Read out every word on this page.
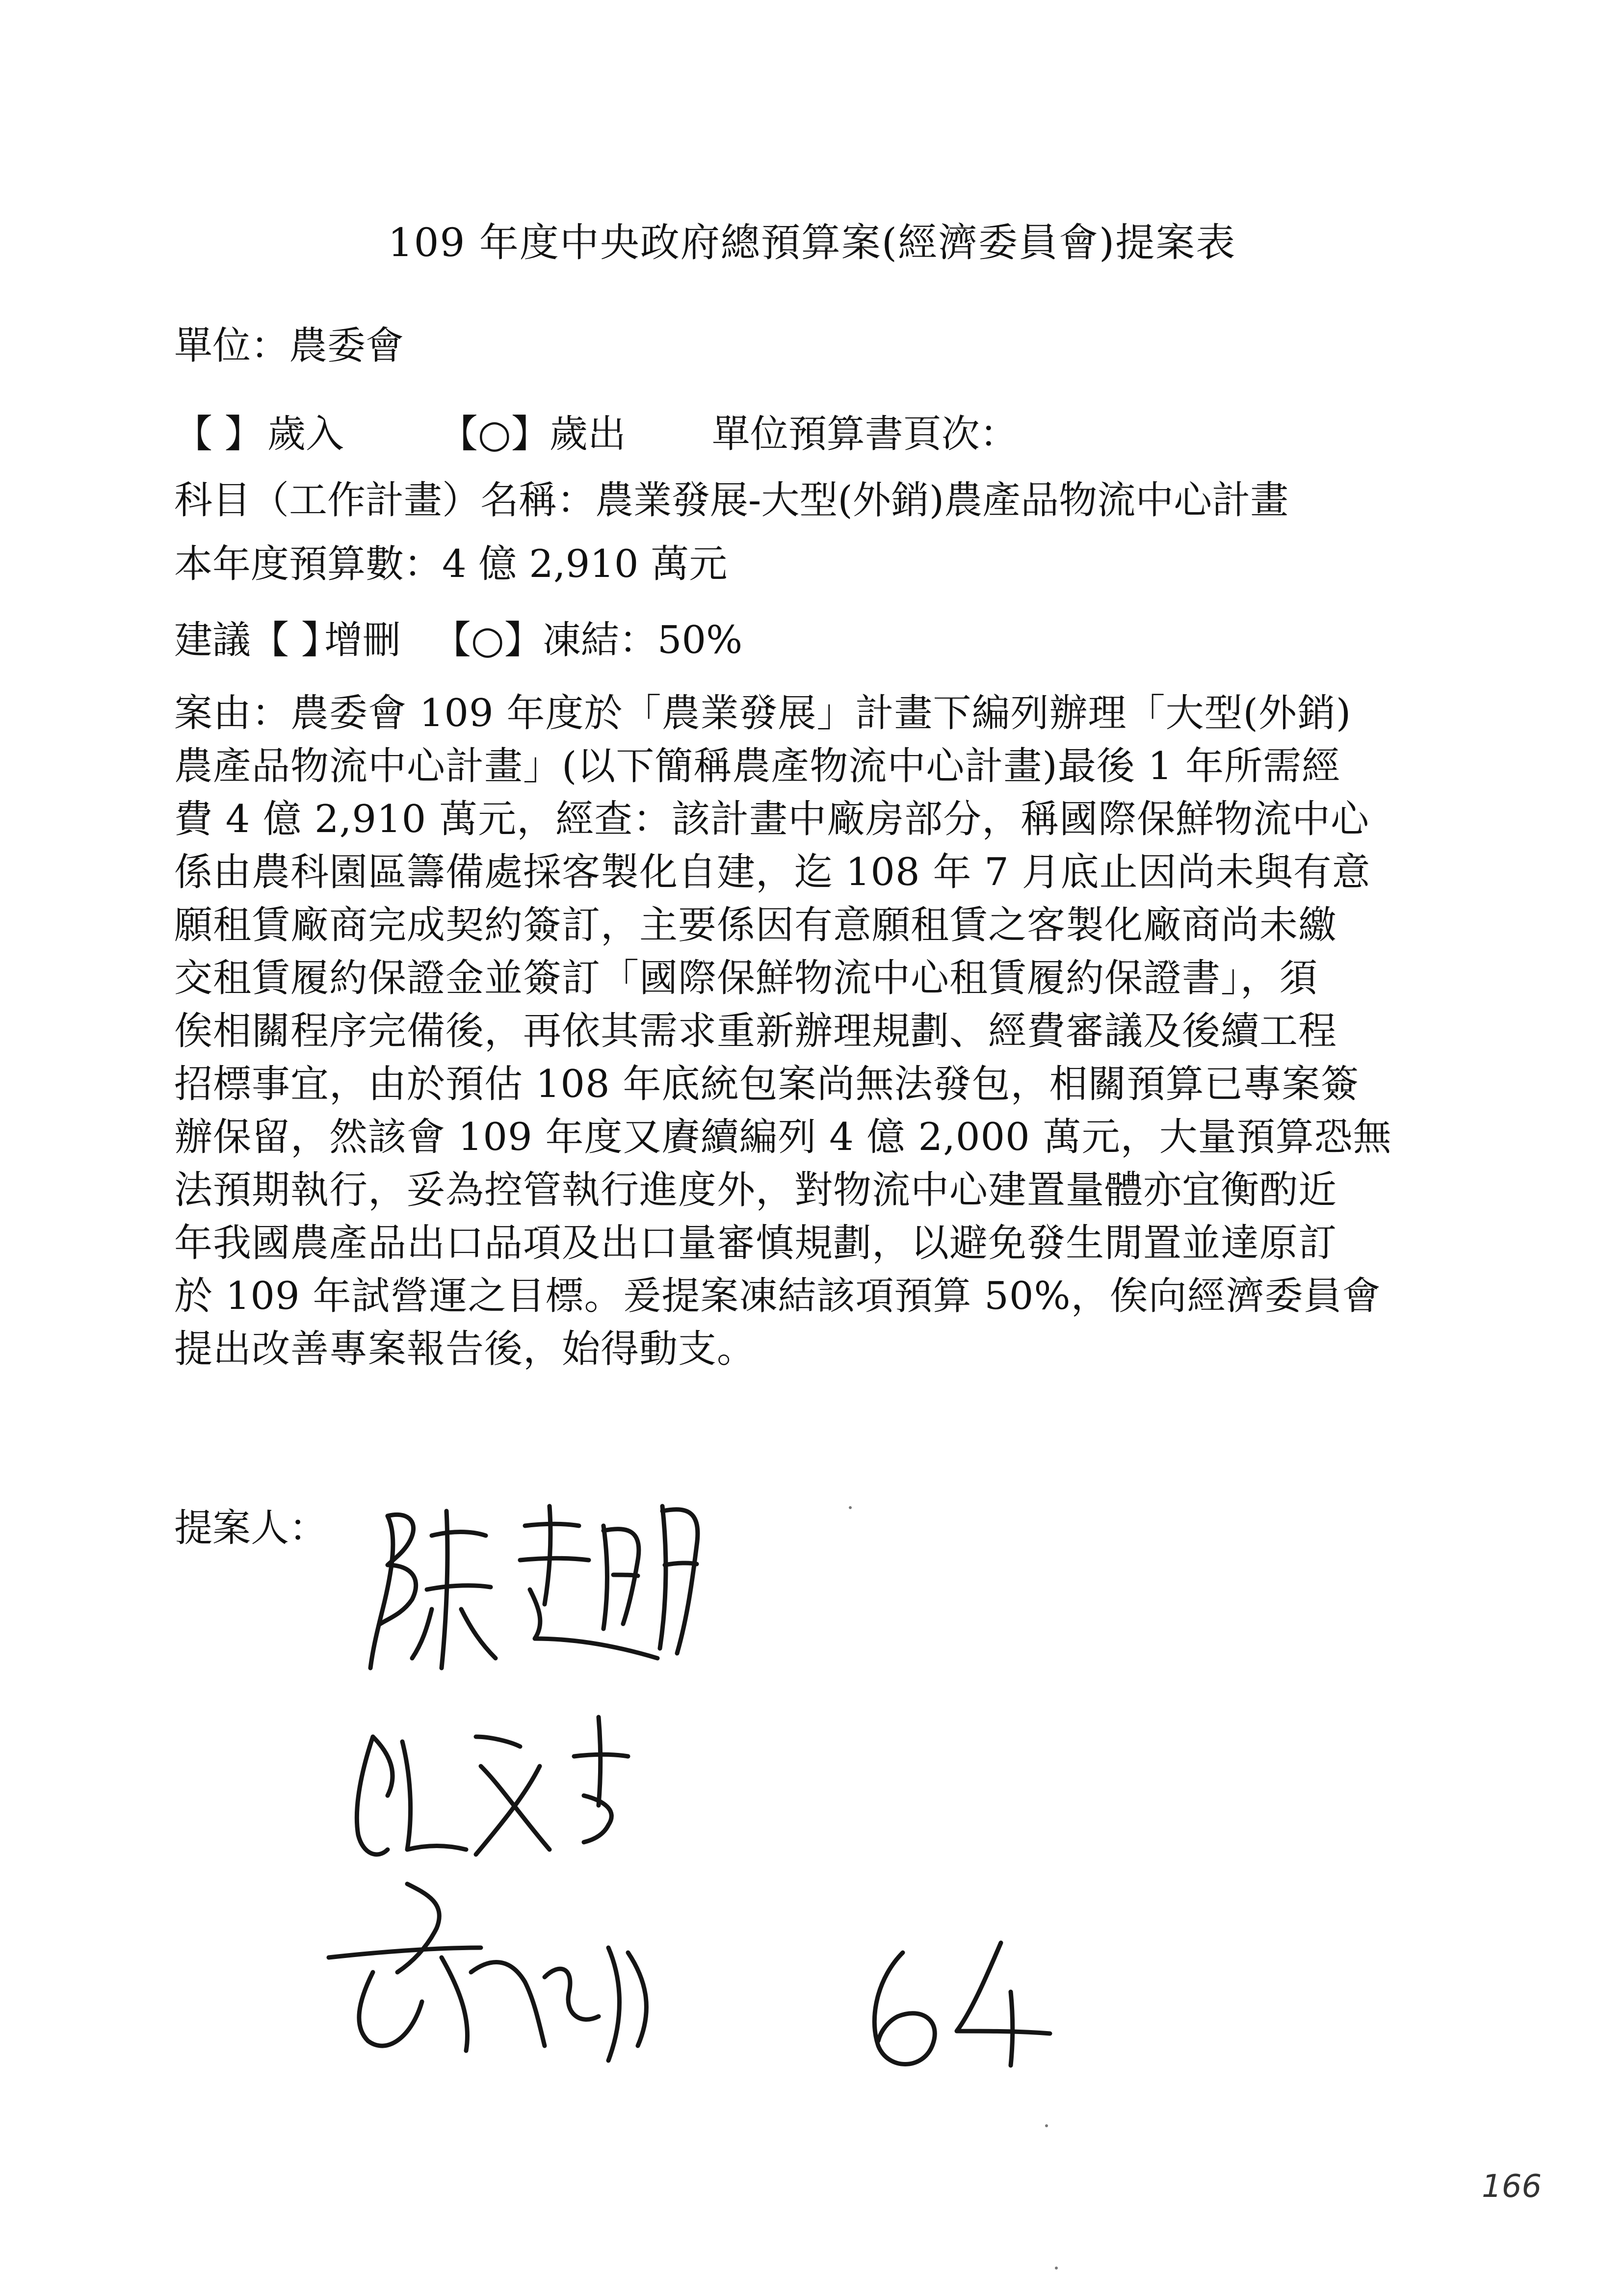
109 年度中央政府總預算案(經濟委員會)提案表
單位：農委會
【 】 歲入 【○】歲出 單位預算書頁次：
科目（工作計畫）名稱：農業發展-大型(外銷)農產品物流中心計畫
本年度預算數：4 億 2,910 萬元
建議【 】增刪 【○】凍結：50%
案由：農委會 109 年度於「農業發展」計畫下編列辦理「大型(外銷)
農產品物流中心計畫」(以下簡稱農產物流中心計畫)最後 1 年所需經
費 4 億 2,910 萬元，經查：該計畫中廠房部分，稱國際保鮮物流中心
係由農科園區籌備處採客製化自建，迄 108 年 7 月底止因尚未與有意
願租賃廠商完成契約簽訂，主要係因有意願租賃之客製化廠商尚未繳
交租賃履約保證金並簽訂「國際保鮮物流中心租賃履約保證書」，須
俟相關程序完備後，再依其需求重新辦理規劃、經費審議及後續工程
招標事宜，由於預估 108 年底統包案尚無法發包，相關預算已專案簽
辦保留，然該會 109 年度又賡續編列 4 億 2,000 萬元，大量預算恐無
法預期執行，妥為控管執行進度外，對物流中心建置量體亦宜衡酌近
年我國農產品出口品項及出口量審慎規劃，以避免發生閒置並達原訂
於 109 年試營運之目標。爰提案凍結該項預算 50%，俟向經濟委員會
提出改善專案報告後，始得動支。
提案人：
166
